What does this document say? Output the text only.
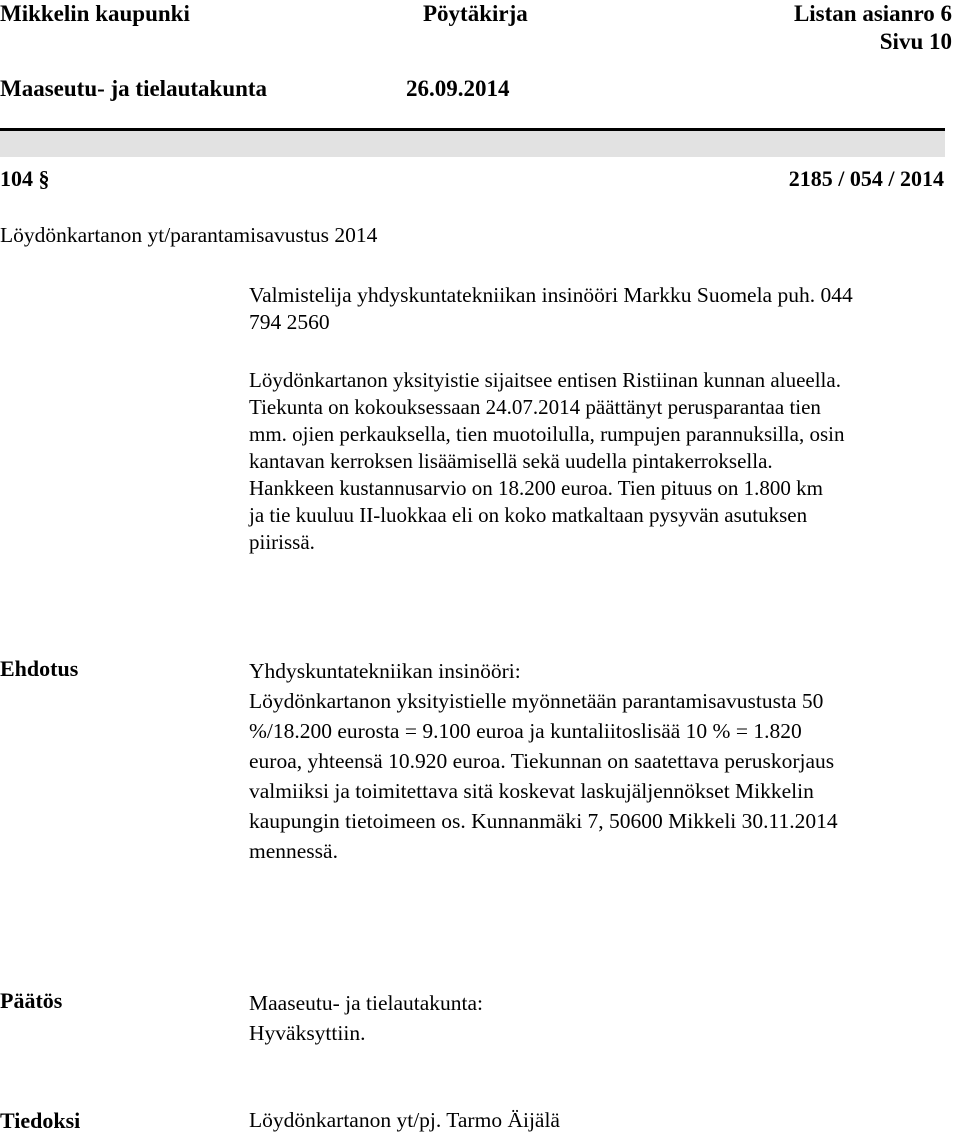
Mikkelin kaupunki	Pöytäkirja	Listan asianro 6
Sivu 10
Maaseutu- ja tielautakunta	26.09.2014
104 §	2185 / 054 / 2014
Löydönkartanon yt/parantamisavustus 2014
Valmistelija yhdyskuntatekniikan insinööri Markku Suomela puh. 044
794 2560
Löydönkartanon yksityistie sijaitsee entisen Ristiinan kunnan alueella.
Tiekunta on kokouksessaan 24.07.2014 päättänyt perusparantaa tien
mm. ojien perkauksella, tien muotoilulla, rumpujen parannuksilla, osin
kantavan kerroksen lisäämisellä sekä uudella pintakerroksella.
Hankkeen kustannusarvio on 18.200 euroa. Tien pituus on 1.800 km
ja tie kuuluu II-luokkaa eli on koko matkaltaan pysyvän asutuksen
piirissä.
Ehdotus	Yhdyskuntatekniikan insinööri:
Löydönkartanon yksityistielle myönnetään parantamisavustusta 50
%/18.200 eurosta = 9.100 euroa ja kuntaliitoslisää 10 % = 1.820
euroa, yhteensä 10.920 euroa. Tiekunnan on saatettava peruskorjaus
valmiiksi ja toimitettava sitä koskevat laskujäljennökset Mikkelin
kaupungin tietoimeen os. Kunnanmäki 7, 50600 Mikkeli 30.11.2014
mennessä.
Päätös	Maaseutu- ja tielautakunta:
Hyväksyttiin.
Tiedoksi	Löydönkartanon yt/pj. Tarmo Äijälä
